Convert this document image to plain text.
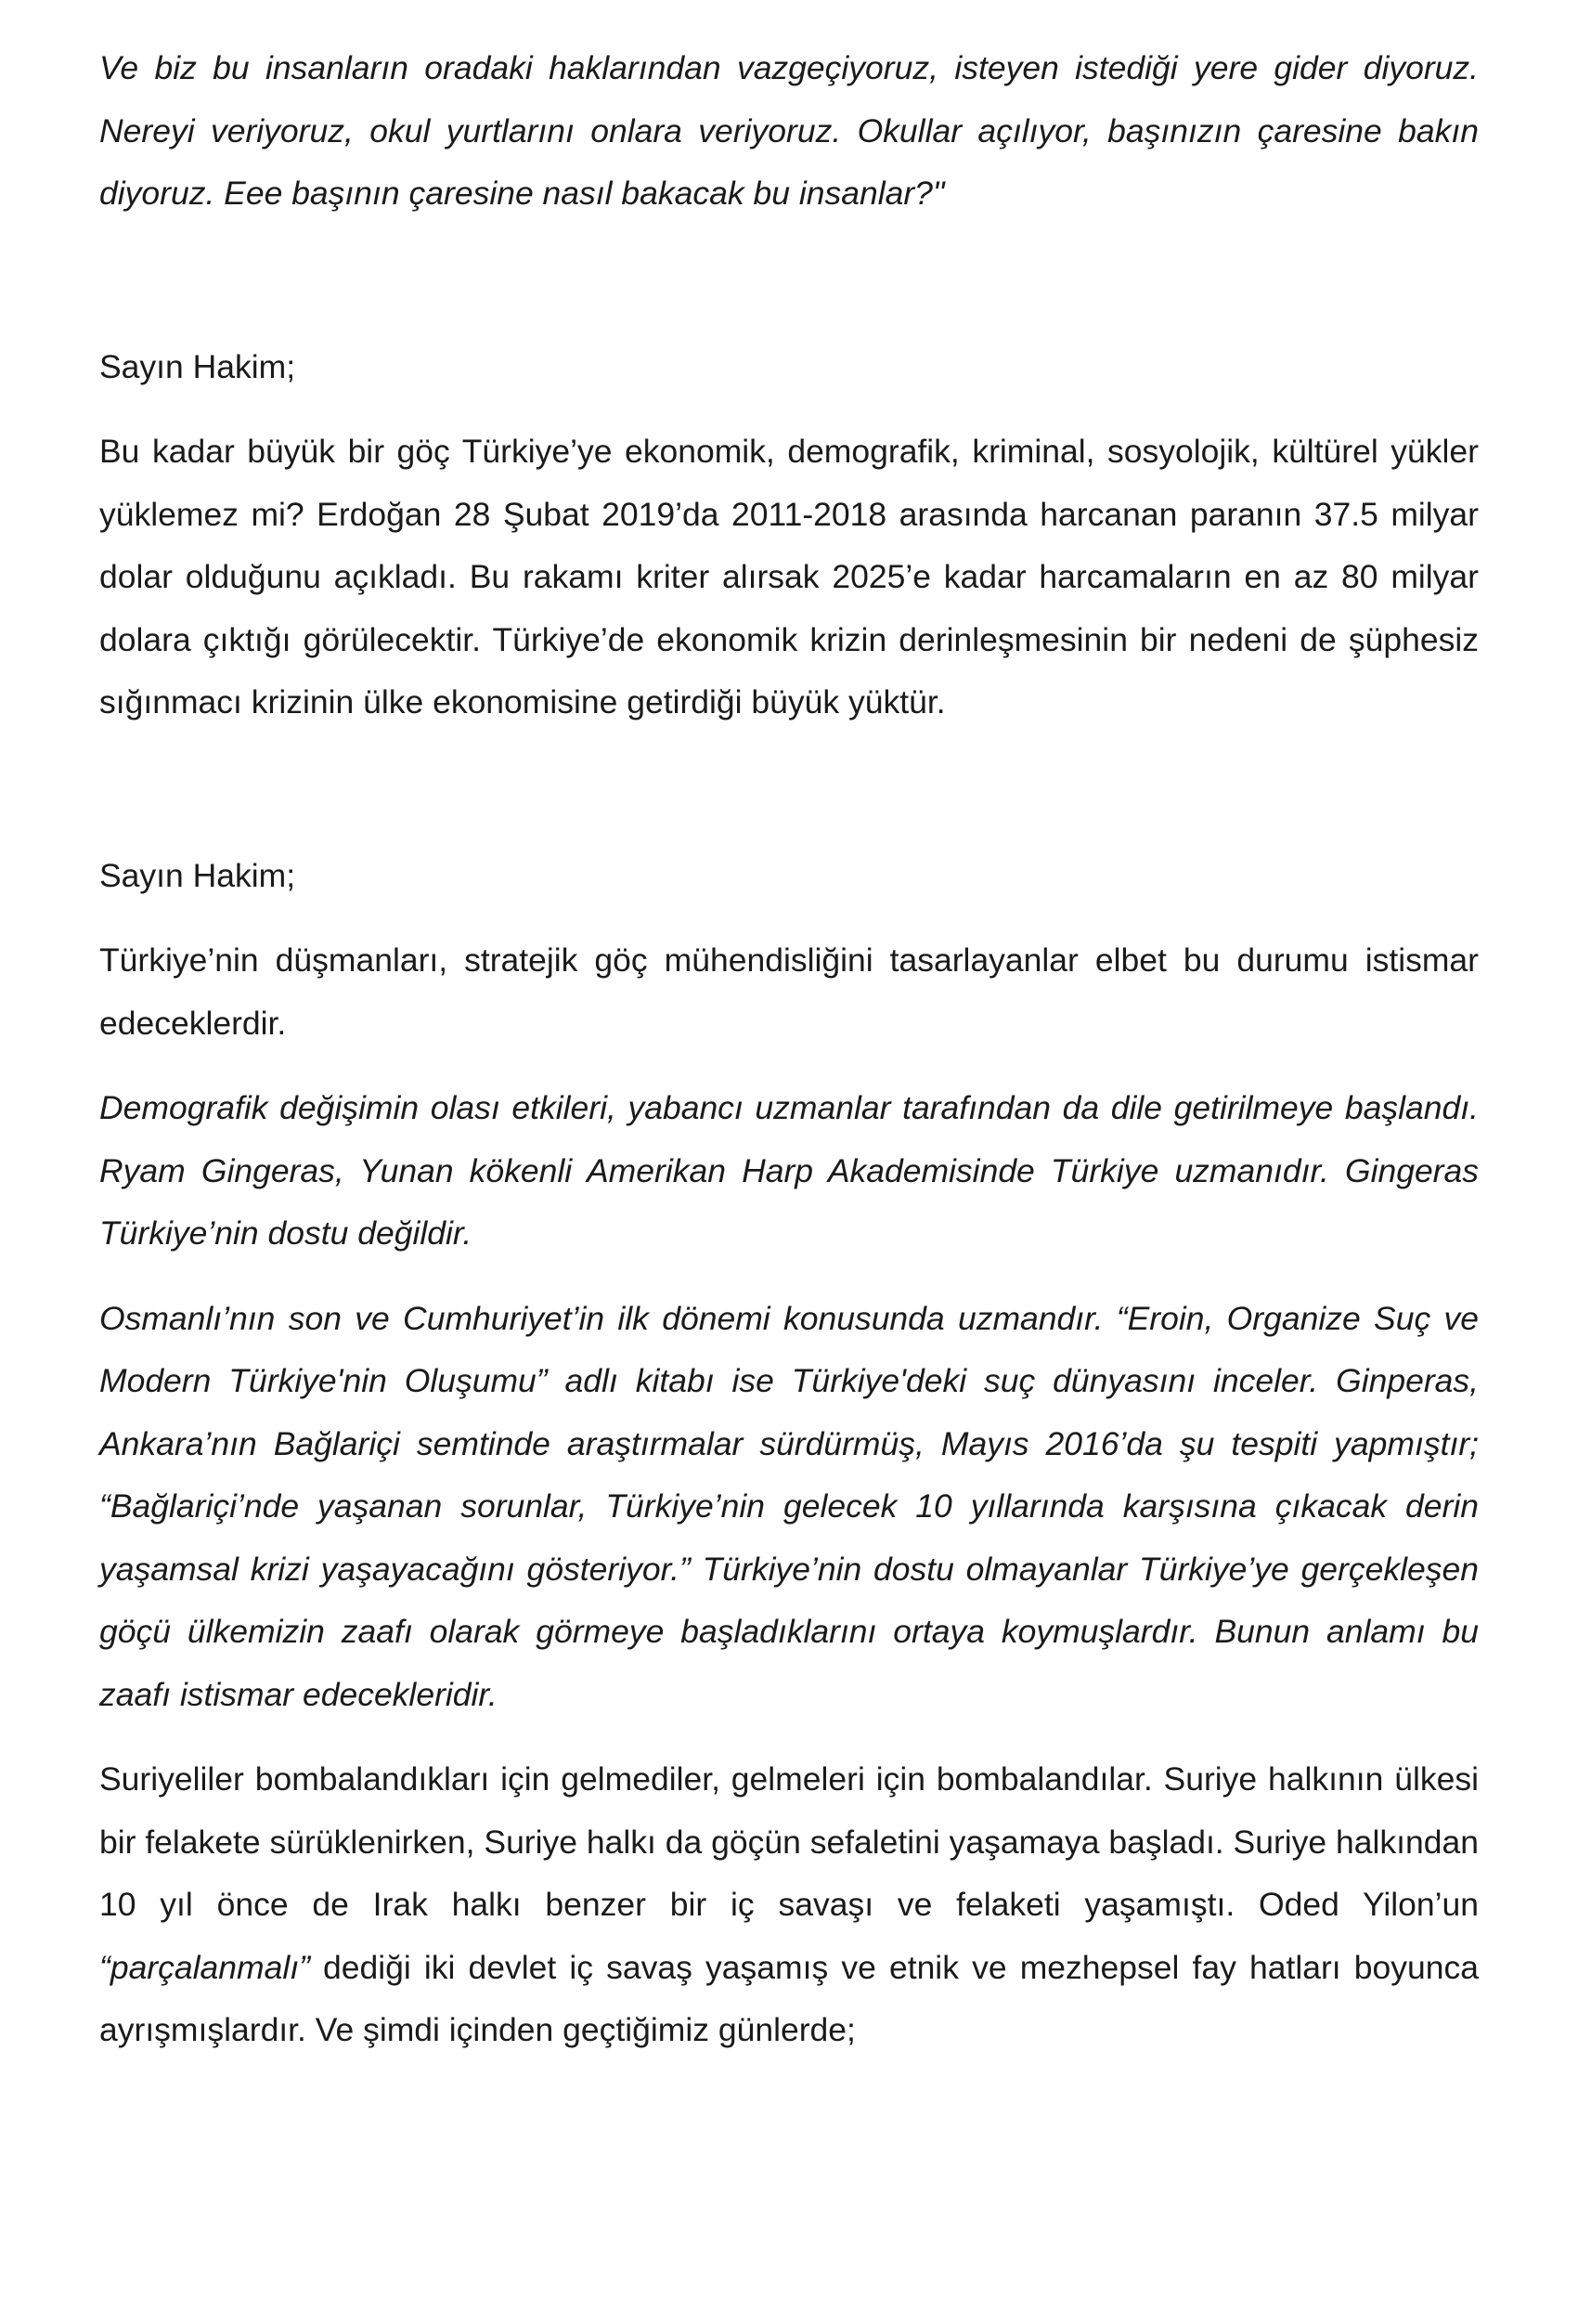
Ve biz bu insanların oradaki haklarından vazgeçiyoruz, isteyen istediği yere gider diyoruz. Nereyi veriyoruz, okul yurtlarını onlara veriyoruz. Okullar açılıyor, başınızın çaresine bakın diyoruz. Eee başının çaresine nasıl bakacak bu insanlar?"

Sayın Hakim;

Bu kadar büyük bir göç Türkiye’ye ekonomik, demografik, kriminal, sosyolojik, kültürel yükler yüklemez mi? Erdoğan 28 Şubat 2019’da 2011-2018 arasında harcanan paranın 37.5 milyar dolar olduğunu açıkladı. Bu rakamı kriter alırsak 2025’e kadar harcamaların en az 80 milyar dolara çıktığı görülecektir. Türkiye’de ekonomik krizin derinleşmesinin bir nedeni de şüphesiz sığınmacı krizinin ülke ekonomisine getirdiği büyük yüktür.

Sayın Hakim;

Türkiye’nin düşmanları, stratejik göç mühendisliğini tasarlayanlar elbet bu durumu istismar edeceklerdir.

Demografik değişimin olası etkileri, yabancı uzmanlar tarafından da dile getirilmeye başlandı. Ryam Gingeras, Yunan kökenli Amerikan Harp Akademisinde Türkiye uzmanıdır. Gingeras Türkiye’nin dostu değildir.

Osmanlı’nın son ve Cumhuriyet’in ilk dönemi konusunda uzmandır. “Eroin, Organize Suç ve Modern Türkiye'nin Oluşumu” adlı kitabı ise Türkiye'deki suç dünyasını inceler. Ginperas, Ankara’nın Bağlariçi semtinde araştırmalar sürdürmüş, Mayıs 2016’da şu tespiti yapmıştır; “Bağlariçi’nde yaşanan sorunlar, Türkiye’nin gelecek 10 yıllarında karşısına çıkacak derin yaşamsal krizi yaşayacağını gösteriyor.” Türkiye’nin dostu olmayanlar Türkiye’ye gerçekleşen göçü ülkemizin zaafı olarak görmeye başladıklarını ortaya koymuşlardır. Bunun anlamı bu zaafı istismar edecekleridir.

Suriyeliler bombalandıkları için gelmediler, gelmeleri için bombalandılar. Suriye halkının ülkesi bir felakete sürüklenirken, Suriye halkı da göçün sefaletini yaşamaya başladı. Suriye halkından 10 yıl önce de Irak halkı benzer bir iç savaşı ve felaketi yaşamıştı. Oded Yilon’un “parçalanmalı” dediği iki devlet iç savaş yaşamış ve etnik ve mezhepsel fay hatları boyunca ayrışmışlardır. Ve şimdi içinden geçtiğimiz günlerde;
